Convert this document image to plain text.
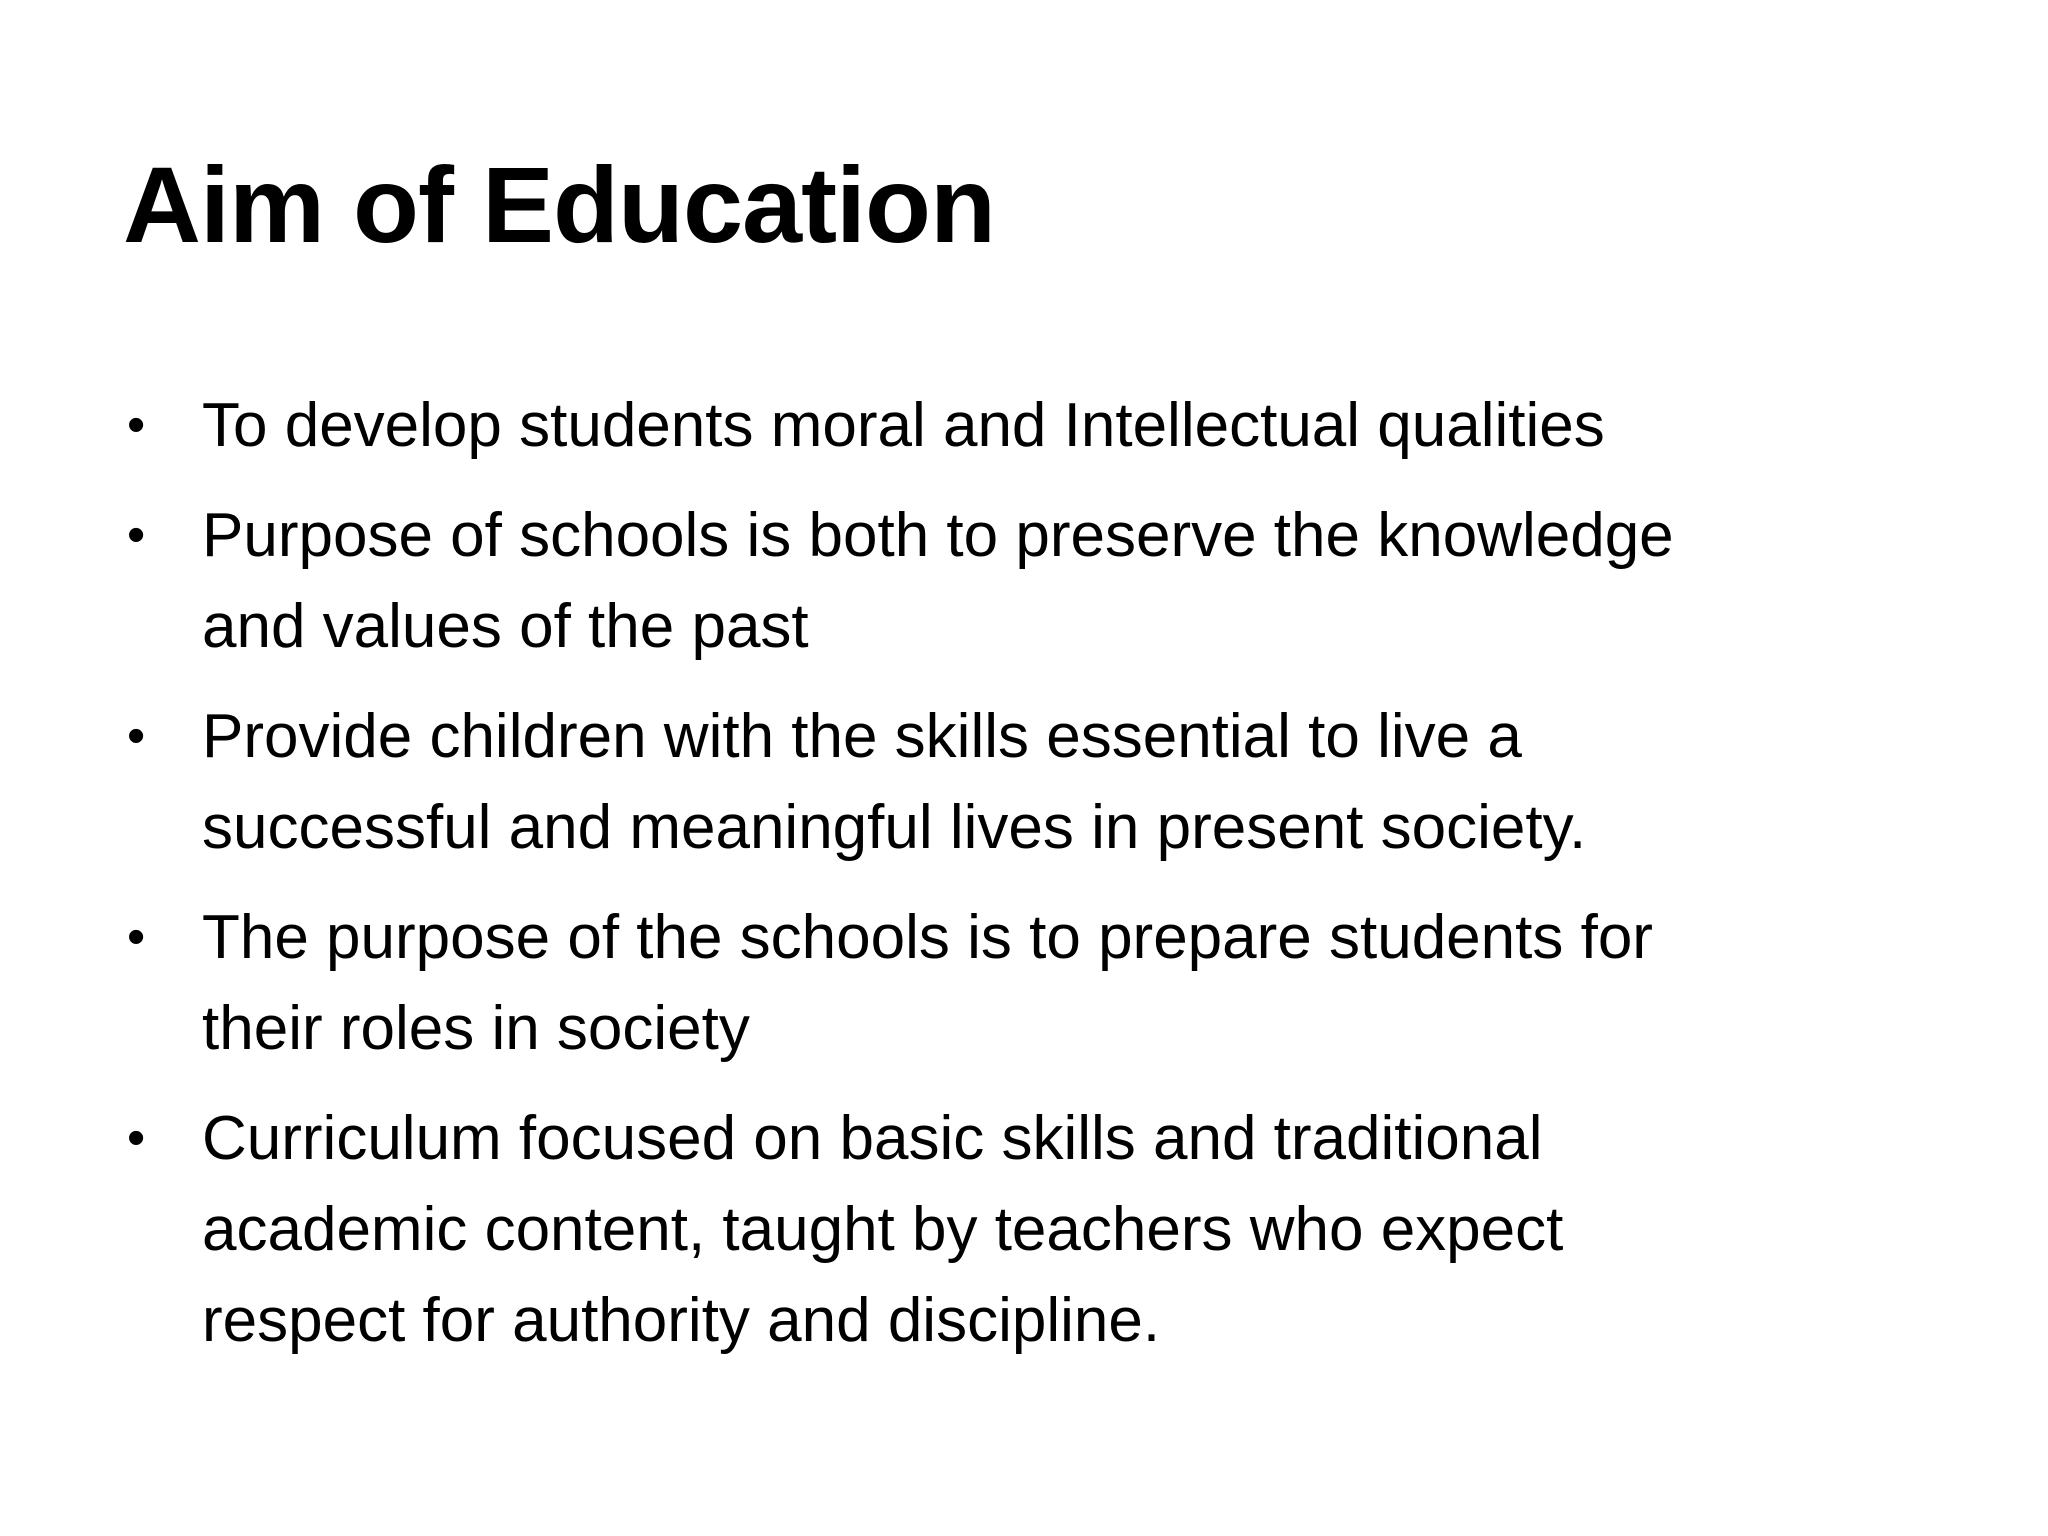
Aim of Education
• To develop students moral and Intellectual qualities
• Purpose of schools is both to preserve the knowledge
and values of the past
• Provide children with the skills essential to live a
successful and meaningful lives in present society.
• The purpose of the schools is to prepare students for
their roles in society
• Curriculum focused on basic skills and traditional
academic content, taught by teachers who expect
respect for authority and discipline.
